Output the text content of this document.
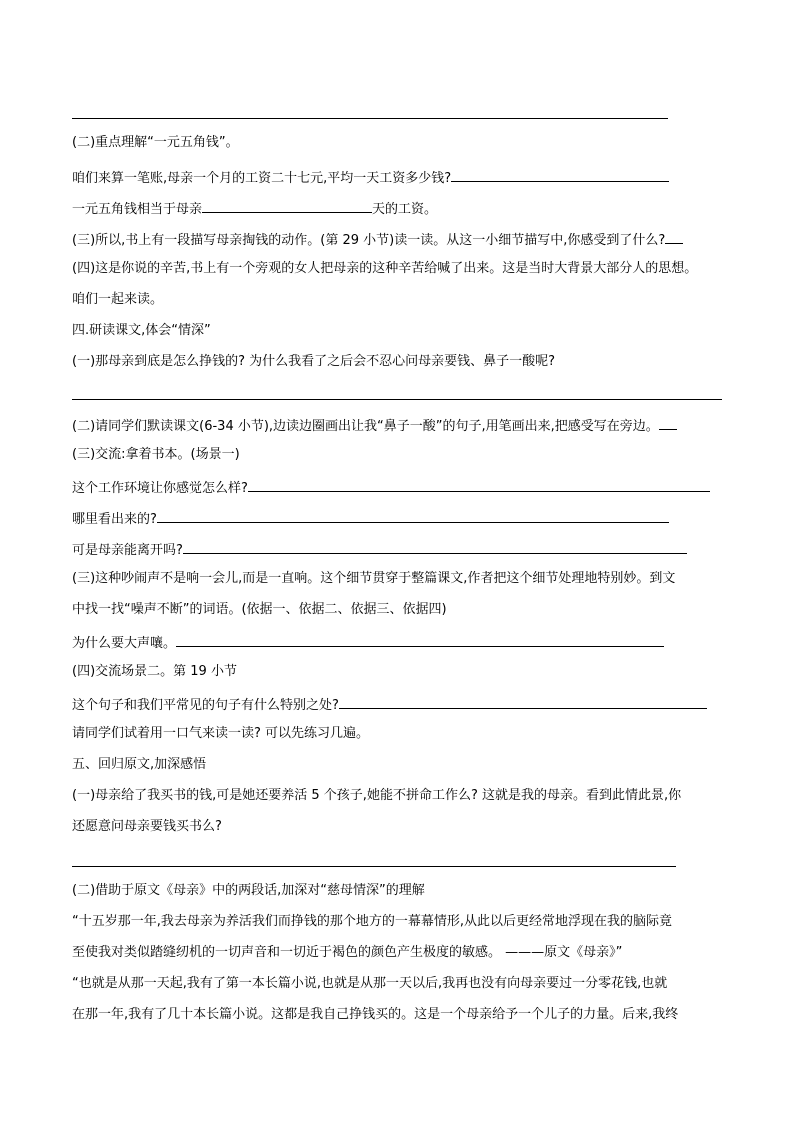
(二)重点理解“一元五角钱”。
咱们来算一笔账,母亲一个月的工资二十七元,平均一天工资多少钱?
一元五角钱相当于母亲	天的工资。
(三)所以,书上有一段描写母亲掏钱的动作。(第 29 小节)读一读。从这一小细节描写中,你感受到了什么?
(四)这是你说的辛苦,书上有一个旁观的女人把母亲的这种辛苦给喊了出来。这是当时大背景大部分人的思想。
咱们一起来读。
四.研读课文,体会“情深”
(一)那母亲到底是怎么挣钱的? 为什么我看了之后会不忍心问母亲要钱、鼻子一酸呢?
(二)请同学们默读课文(6-34 小节),边读边圈画出让我“鼻子一酸”的句子,用笔画出来,把感受写在旁边。
(三)交流:拿着书本。(场景一)
这个工作环境让你感觉怎么样?
哪里看出来的?
可是母亲能离开吗?
(三)这种吵闹声不是响一会儿,而是一直响。这个细节贯穿于整篇课文,作者把这个细节处理地特别妙。到文
中找一找“噪声不断”的词语。(依据一、依据二、依据三、依据四)
为什么要大声嚷。
(四)交流场景二。第 19 小节
这个句子和我们平常见的句子有什么特别之处?
请同学们试着用一口气来读一读? 可以先练习几遍。
五、回归原文,加深感悟
(一)母亲给了我买书的钱,可是她还要养活 5 个孩子,她能不拼命工作么? 这就是我的母亲。看到此情此景,你
还愿意问母亲要钱买书么?
(二)借助于原文《母亲》中的两段话,加深对“慈母情深”的理解
“十五岁那一年,我去母亲为养活我们而挣钱的那个地方的一幕幕情形,从此以后更经常地浮现在我的脑际竟
至使我对类似踏缝纫机的一切声音和一切近于褐色的颜色产生极度的敏感。 ———原文《母亲》”
“也就是从那一天起,我有了第一本长篇小说,也就是从那一天以后,我再也没有向母亲要过一分零花钱,也就
在那一年,我有了几十本长篇小说。这都是我自己挣钱买的。这是一个母亲给予一个儿子的力量。后来,我终
